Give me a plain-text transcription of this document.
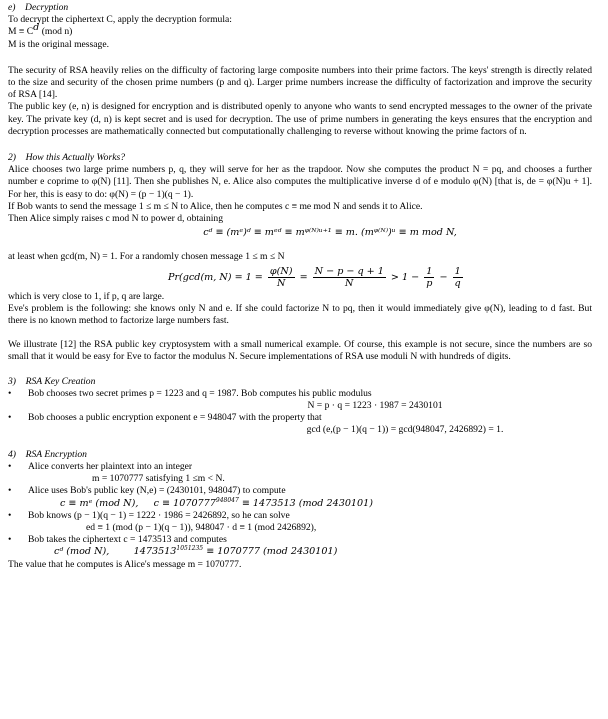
e)    Decryption

To decrypt the ciphertext C, apply the decryption formula:

$M \equiv C^d$ (mod n)

M is the original message.

The security of RSA heavily relies on the difficulty of factoring large composite numbers into their prime factors. The keys' strength is directly related to the size and security of the chosen prime numbers (p and q). Larger prime numbers increase the difficulty of factorization and improve the security of RSA [14].

The public key (e, n) is designed for encryption and is distributed openly to anyone who wants to send encrypted messages to the owner of the private key. The private key (d, n) is kept secret and is used for decryption. The use of prime numbers in generating the keys ensures that the encryption and decryption processes are mathematically connected but computationally challenging to reverse without knowing the prime factors of n.

2)    How this Actually Works?

Alice chooses two large prime numbers p, q, they will serve for her as the trapdoor. Now she computes the product N = pq, and chooses a further number e coprime to φ(N) [11]. Then she publishes N, e. Alice also computes the multiplicative inverse d of e modulo φ(N) [that is, de = φ(N)u + 1]. For her, this is easy to do: φ(N) = (p − 1)(q − 1).

If Bob wants to send the message 1 ≤ m ≤ N to Alice, then he computes c ≡ me mod N and sends it to Alice.

Then Alice simply raises c mod N to power d, obtaining

cᵈ ≡ (mᵉ)ᵈ ≡ mᵉᵈ ≡ mᵠ⁽ᴺ⁾ᵘ⁺¹ ≡ m. (mᵠ⁽ᴺ⁾)ᵘ ≡ m mod N,

at least when gcd(m, N) = 1. For a randomly chosen message 1 ≤ m ≤ N

Pr(gcd(m, $N) = 1 = \frac{\varphi(N)}{N} = \frac{N - p - q + 1}{N} > 1 - \frac{1}{p} - \frac{1}{q}$

which is very close to 1, if p, q are large.

Eve's problem is the following: she knows only N and e. If she could factorize N to pq, then it would immediately give φ(N), leading to d fast. But there is no known method to factorize large numbers fast.

We illustrate [12] the RSA public key cryptosystem with a small numerical example. Of course, this example is not secure, since the numbers are so small that it would be easy for Eve to factor the modulus N. Secure implementations of RSA use moduli N with hundreds of digits.

3)    RSA Key Creation

• Bob chooses two secret primes p = 1223 and q = 1987. Bob computes his public modulus

N = p · q = 1223 · 1987 = 2430101

• Bob chooses a public encryption exponent e = 948047 with the property that

gcd (e,(p − 1)(q − 1)) = gcd(948047, 2426892) = 1.

4)    RSA Encryption

• Alice converts her plaintext into an integer

m = 1070777 satisfying 1 ≤m < N.

• Alice uses Bob's public key (N,e) = (2430101, 948047) to compute

c ≡ mᵉ (mod N), $c \equiv 1070777^{948047} \equiv 1473513$ (mod 2430101)

• Bob knows (p − 1)(q − 1) = 1222 · 1986 = 2426892, so he can solve

ed ≡ 1 (mod (p − 1)(q − 1)), 948047 · d ≡ 1 (mod 2426892),

• Bob takes the ciphertext c = 1473513 and computes

cᵈ (mod N),	$1473513^{1051235} \equiv 1070777$ (mod 2430101)

The value that he computes is Alice's message m = 1070777.
